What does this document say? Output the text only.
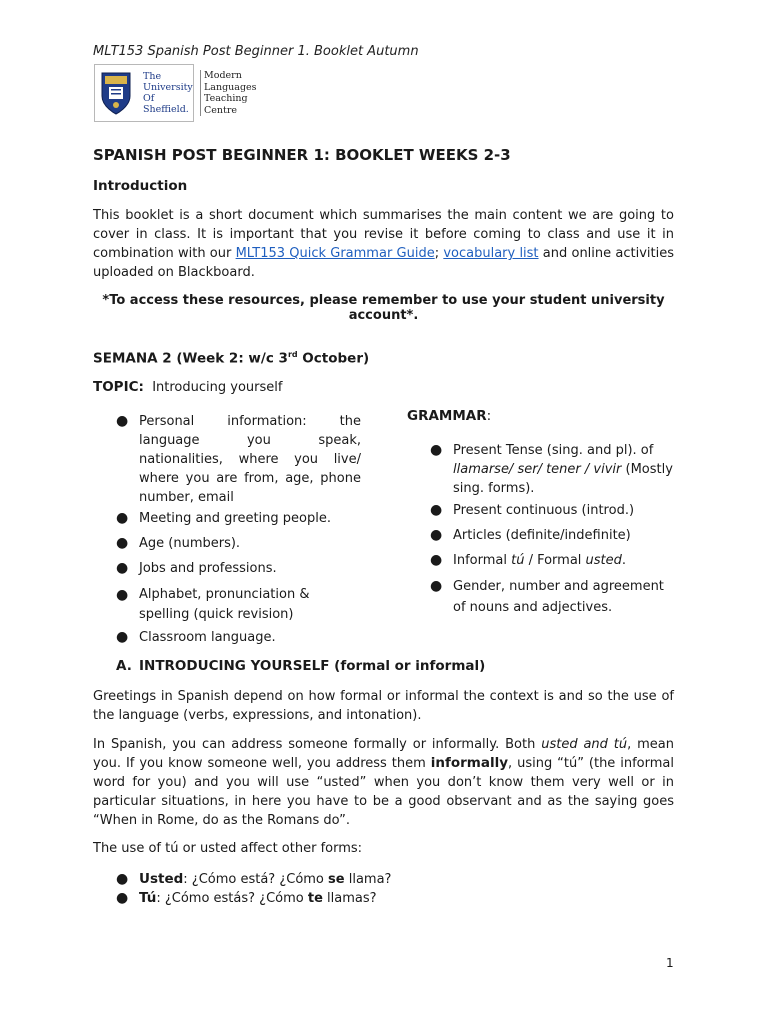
MLT153 Spanish Post Beginner 1. Booklet Autumn
The
University
Of
Sheffield.
Modern
Languages
Teaching
Centre
SPANISH POST BEGINNER 1: BOOKLET WEEKS 2-3
Introduction

This booklet is a short document which summarises the main content we are going to cover in class. It is important that you revise it before coming to class and use it in combination with our MLT153 Quick Grammar Guide; vocabulary list and online activities uploaded on Blackboard.

*To access these resources, please remember to use your student university account*.
SEMANA 2 (Week 2: w/c 3rd October)
TOPIC: Introducing yourself
● Personal information: the language you speak, nationalities, where you live/ where you are from, age, phone number, email
● Meeting and greeting people.
● Age (numbers).
● Jobs and professions.
● Alphabet, pronunciation & spelling (quick revision)
● Classroom language.
GRAMMAR:
● Present Tense (sing. and pl). of llamarse/ ser/ tener / vivir (Mostly sing. forms).
● Present continuous (introd.)
● Articles (definite/indefinite)
● Informal tú / Formal usted.
● Gender, number and agreement of nouns and adjectives.
A. INTRODUCING YOURSELF (formal or informal)

Greetings in Spanish depend on how formal or informal the context is and so the use of the language (verbs, expressions, and intonation).

In Spanish, you can address someone formally or informally. Both usted and tú, mean you. If you know someone well, you address them informally, using “tú” (the informal word for you) and you will use “usted” when you don’t know them very well or in particular situations, in here you have to be a good observant and as the saying goes “When in Rome, do as the Romans do”.

The use of tú or usted affect other forms:
● Usted: ¿Cómo está? ¿Cómo se llama?
● Tú: ¿Cómo estás? ¿Cómo te llamas?
1
